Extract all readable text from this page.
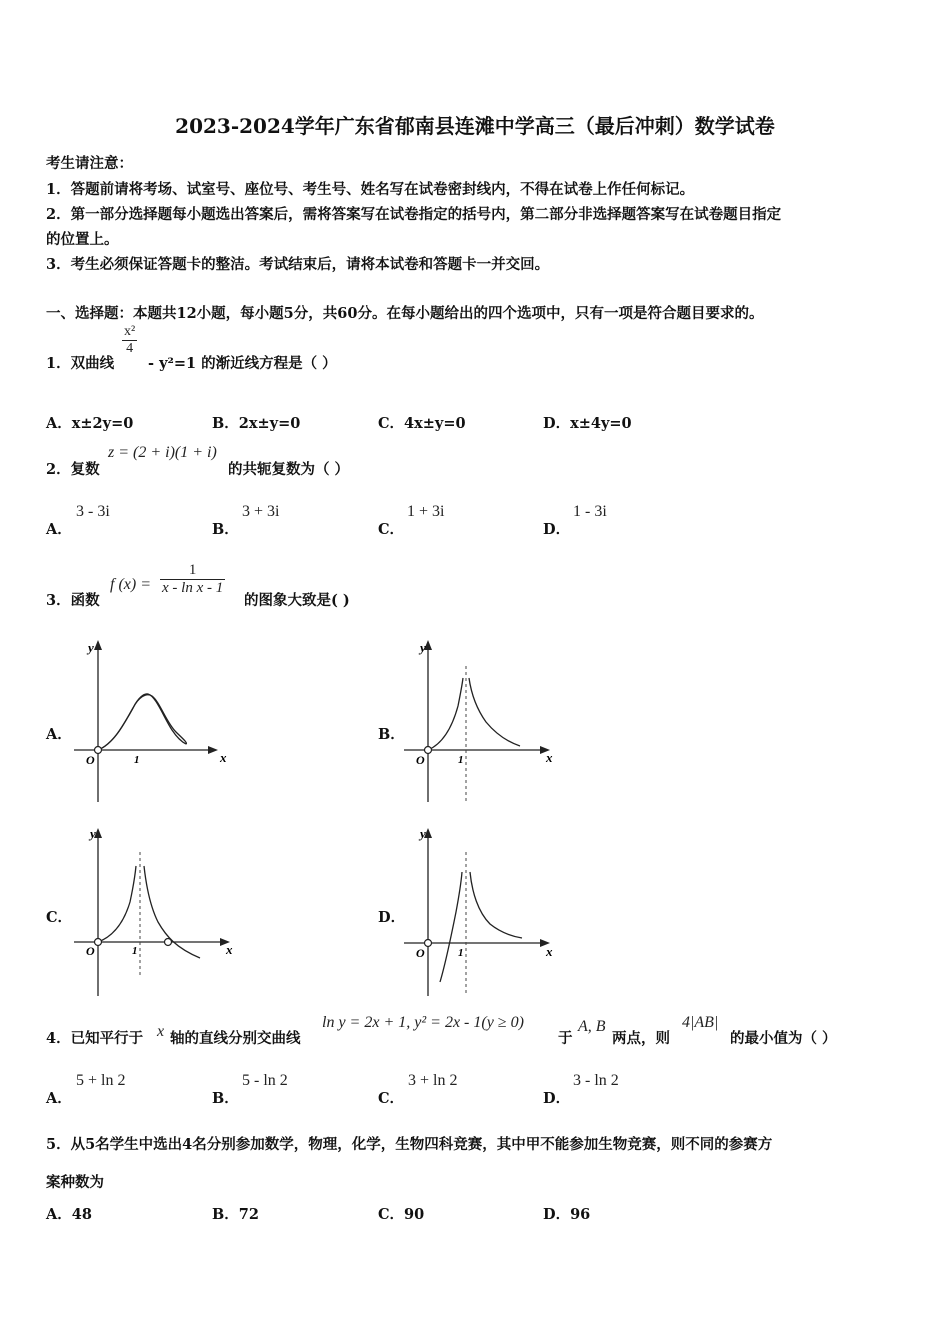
2023-2024学年广东省郁南县连滩中学高三（最后冲刺）数学试卷
考生请注意：
1．答题前请将考场、试室号、座位号、考生号、姓名写在试卷密封线内，不得在试卷上作任何标记。
2．第一部分选择题每小题选出答案后，需将答案写在试卷指定的括号内，第二部分非选择题答案写在试卷题目指定
的位置上。
3．考生必须保证答题卡的整洁。考试结束后，请将本试卷和答题卡一并交回。
一、选择题：本题共12小题，每小题5分，共60分。在每小题给出的四个选项中，只有一项是符合题目要求的。
1．双曲线
$\frac{\text{x²}}{4}$
- y²=1 的渐近线方程是（ ）
A．x±2y=0	B．2x±y=0	C．4x±y=0	D．x±4y=0
2．复数
z = (2 + i)(1 + i)
的共轭复数为（ ）
A．
3 - 3i
B．
3 + 3i
C．
1 + 3i
D．
1 - 3i
3．函数
f $(x) = \frac{1}{\text{x - ln x - 1}}$
的图象大致是( )
A．	B．
C．	D．
y
x
O	1
y
x
O	1
y
x
O	1
y
x
O	1
4．已知平行于 x 轴的直线分别交曲线
ln y = 2x + 1, y² = 2x - 1(y ≥ 0)
于
A, B
两点，则
4|AB|
的最小值为（ ）
A．
5 + ln 2
B．
5 - ln 2
C．
3 + ln 2
D．
3 - ln 2
5．从5名学生中选出4名分别参加数学，物理，化学，生物四科竞赛，其中甲不能参加生物竞赛，则不同的参赛方
案种数为
A．48	B．72	C．90	D．96
